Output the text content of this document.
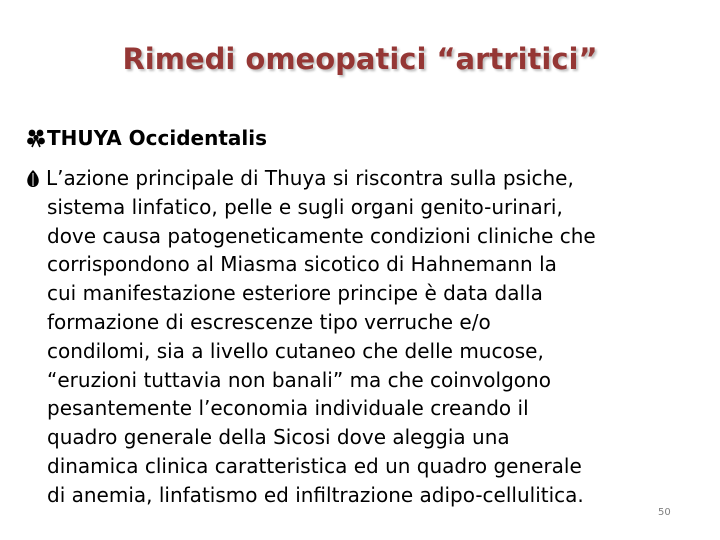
Rimedi omeopatici “artritici”
THUYA Occidentalis
L’azione principale di Thuya si riscontra sulla psiche,
sistema linfatico, pelle e sugli organi genito-urinari,
dove causa patogeneticamente condizioni cliniche che
corrispondono al Miasma sicotico di Hahnemann la
cui manifestazione esteriore principe è data dalla
formazione di escrescenze tipo verruche e/o
condilomi, sia a livello cutaneo che delle mucose,
“eruzioni tuttavia non banali” ma che coinvolgono
pesantemente l’economia individuale creando il
quadro generale della Sicosi dove aleggia una
dinamica clinica caratteristica ed un quadro generale
di anemia, linfatismo ed infiltrazione adipo-cellulitica.
50
